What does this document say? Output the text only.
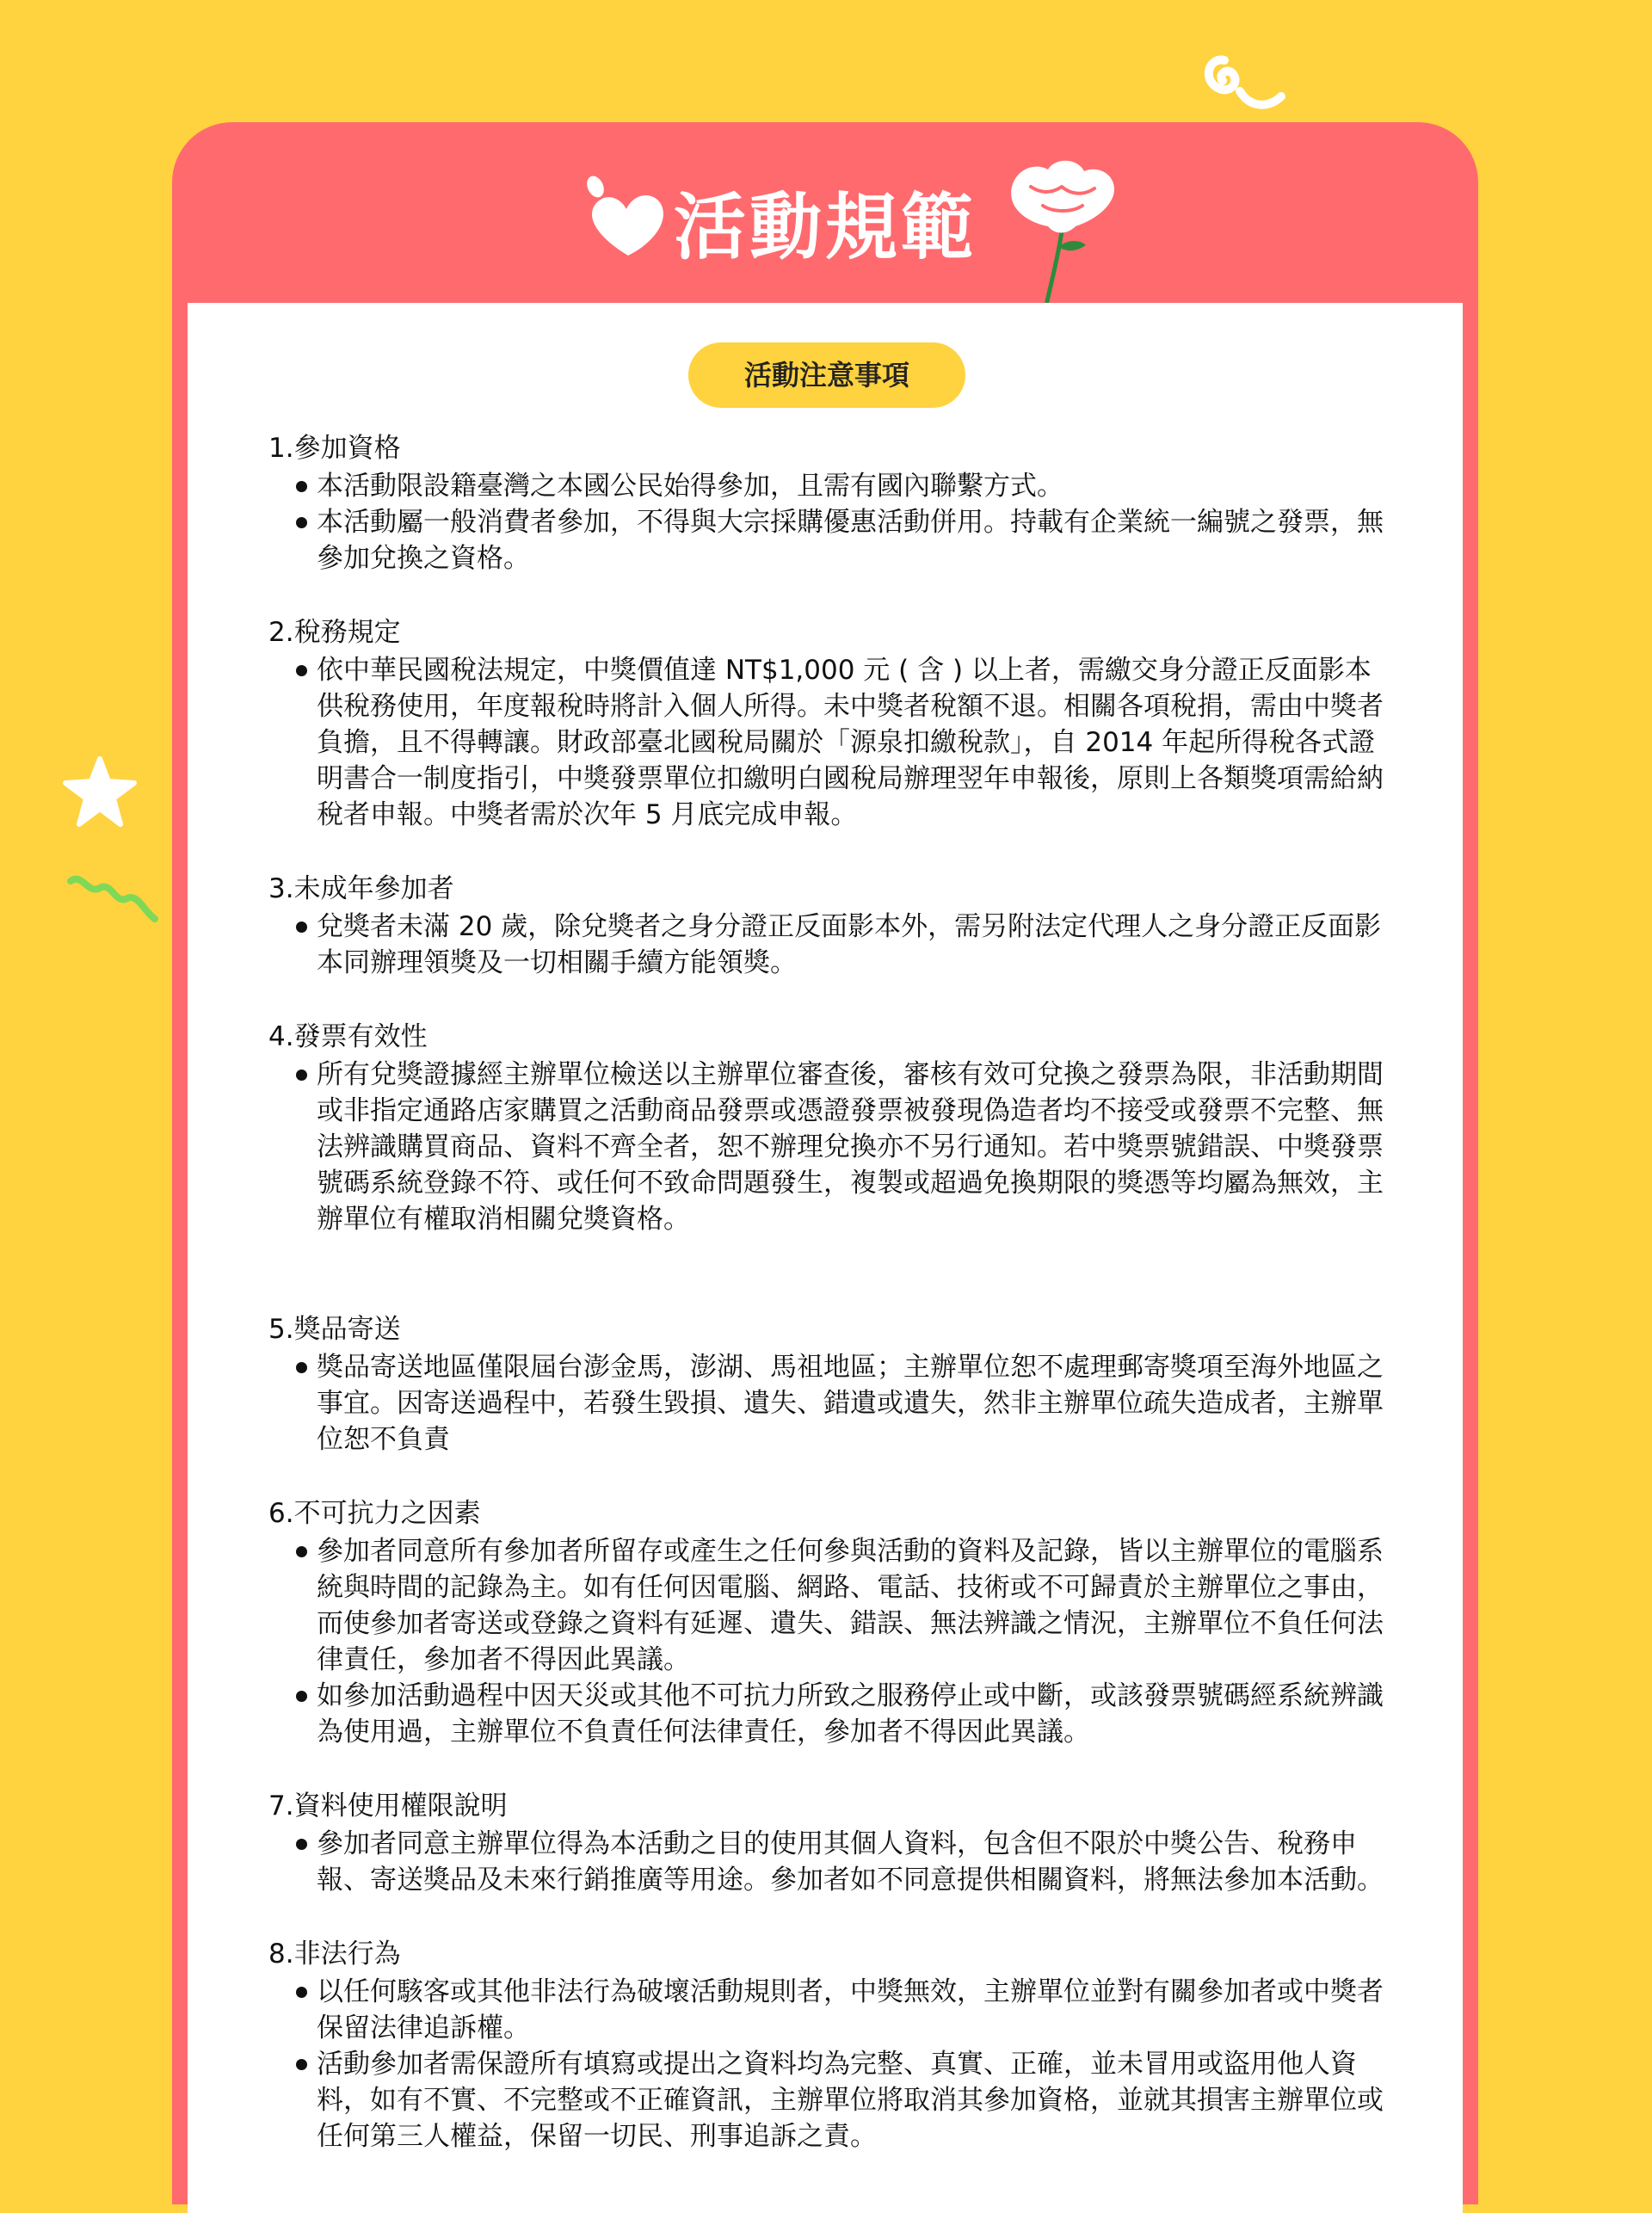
活動規範
活動注意事項
1.參加資格
本活動限設籍臺灣之本國公民始得參加，且需有國內聯繫方式。
本活動屬一般消費者參加，不得與大宗採購優惠活動併用。持載有企業統一編號之發票，無參加兌換之資格。
2.稅務規定
依中華民國稅法規定，中獎價值達 NT$1,000 元 ( 含 ) 以上者，需繳交身分證正反面影本供稅務使用，年度報稅時將計入個人所得。未中獎者稅額不退。相關各項稅捐，需由中獎者負擔，且不得轉讓。財政部臺北國稅局關於「源泉扣繳稅款」，自 2014 年起所得稅各式證明書合一制度指引，中獎發票單位扣繳明白國稅局辦理翌年申報後，原則上各類獎項需給納稅者申報。中獎者需於次年 5 月底完成申報。
3.未成年參加者
兌獎者未滿 20 歲，除兌獎者之身分證正反面影本外，需另附法定代理人之身分證正反面影本同辦理領獎及一切相關手續方能領獎。
4.發票有效性
所有兌獎證據經主辦單位檢送以主辦單位審查後，審核有效可兌換之發票為限，非活動期間或非指定通路店家購買之活動商品發票或憑證發票被發現偽造者均不接受或發票不完整、無法辨識購買商品、資料不齊全者，恕不辦理兌換亦不另行通知。若中獎票號錯誤、中獎發票號碼系統登錄不符、或任何不致命問題發生，複製或超過免換期限的獎憑等均屬為無效，主辦單位有權取消相關兌獎資格。
5.獎品寄送
獎品寄送地區僅限屆台澎金馬，澎湖、馬祖地區；主辦單位恕不處理郵寄獎項至海外地區之事宜。因寄送過程中，若發生毀損、遺失、錯遺或遺失，然非主辦單位疏失造成者，主辦單位恕不負責
6.不可抗力之因素
參加者同意所有參加者所留存或產生之任何參與活動的資料及記錄，皆以主辦單位的電腦系統與時間的記錄為主。如有任何因電腦、網路、電話、技術或不可歸責於主辦單位之事由，而使參加者寄送或登錄之資料有延遲、遺失、錯誤、無法辨識之情況，主辦單位不負任何法律責任，參加者不得因此異議。
如參加活動過程中因天災或其他不可抗力所致之服務停止或中斷，或該發票號碼經系統辨識為使用過，主辦單位不負責任何法律責任，參加者不得因此異議。
7.資料使用權限說明
參加者同意主辦單位得為本活動之目的使用其個人資料，包含但不限於中獎公告、稅務申報、寄送獎品及未來行銷推廣等用途。參加者如不同意提供相關資料，將無法參加本活動。
8.非法行為
以任何駭客或其他非法行為破壞活動規則者，中獎無效，主辦單位並對有關參加者或中獎者保留法律追訴權。
活動參加者需保證所有填寫或提出之資料均為完整、真實、正確，並未冒用或盜用他人資料，如有不實、不完整或不正確資訊，主辦單位將取消其參加資格，並就其損害主辦單位或任何第三人權益，保留一切民、刑事追訴之責。
